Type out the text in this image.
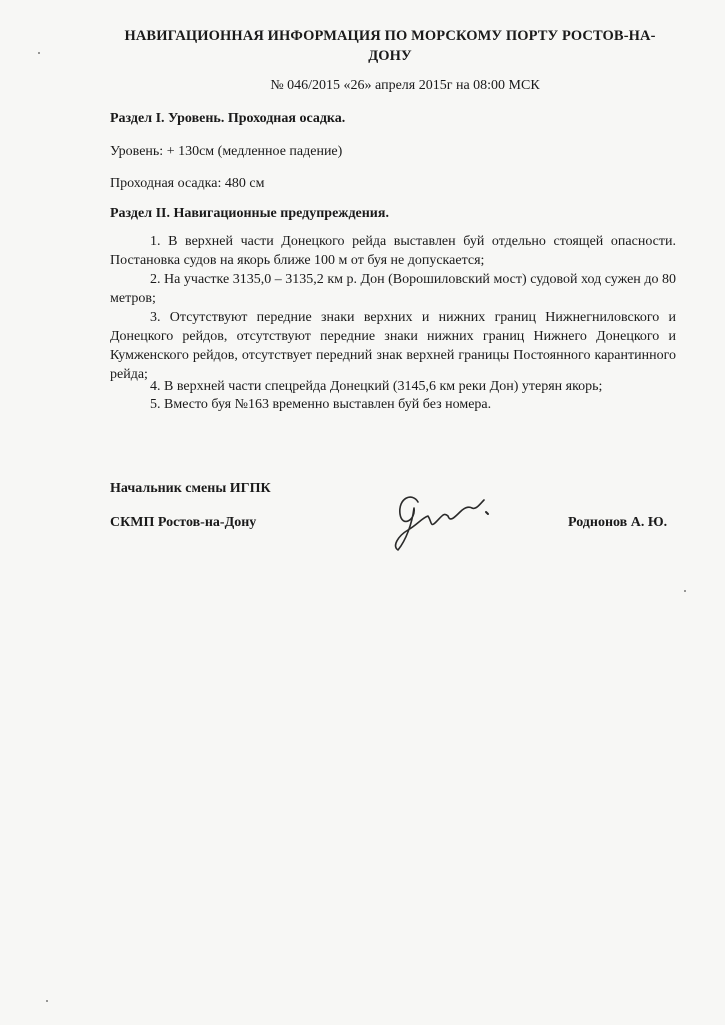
НАВИГАЦИОННАЯ ИНФОРМАЦИЯ ПО МОРСКОМУ ПОРТУ РОСТОВ-НА-ДОНУ
№ 046/2015 «26» апреля 2015г на 08:00 МСК
Раздел I. Уровень. Проходная осадка.
Уровень: + 130см (медленное падение)
Проходная осадка: 480 см
Раздел II. Навигационные предупреждения.
1. В верхней части Донецкого рейда выставлен буй отдельно стоящей опасности. Постановка судов на якорь ближе 100 м от буя не допускается;
2. На участке 3135,0 – 3135,2 км р. Дон (Ворошиловский мост) судовой ход сужен до 80 метров;
3. Отсутствуют передние знаки верхних и нижних границ Нижнегниловского и Донецкого рейдов, отсутствуют передние знаки нижних границ Нижнего Донецкого и Кумженского рейдов, отсутствует передний знак верхней границы Постоянного карантинного рейда;
4. В верхней части спецрейда Донецкий (3145,6 км реки Дон) утерян якорь;
5. Вместо буя №163 временно выставлен буй без номера.
Начальник смены ИГПК
СКМП Ростов-на-Дону	Роднонов А. Ю.
